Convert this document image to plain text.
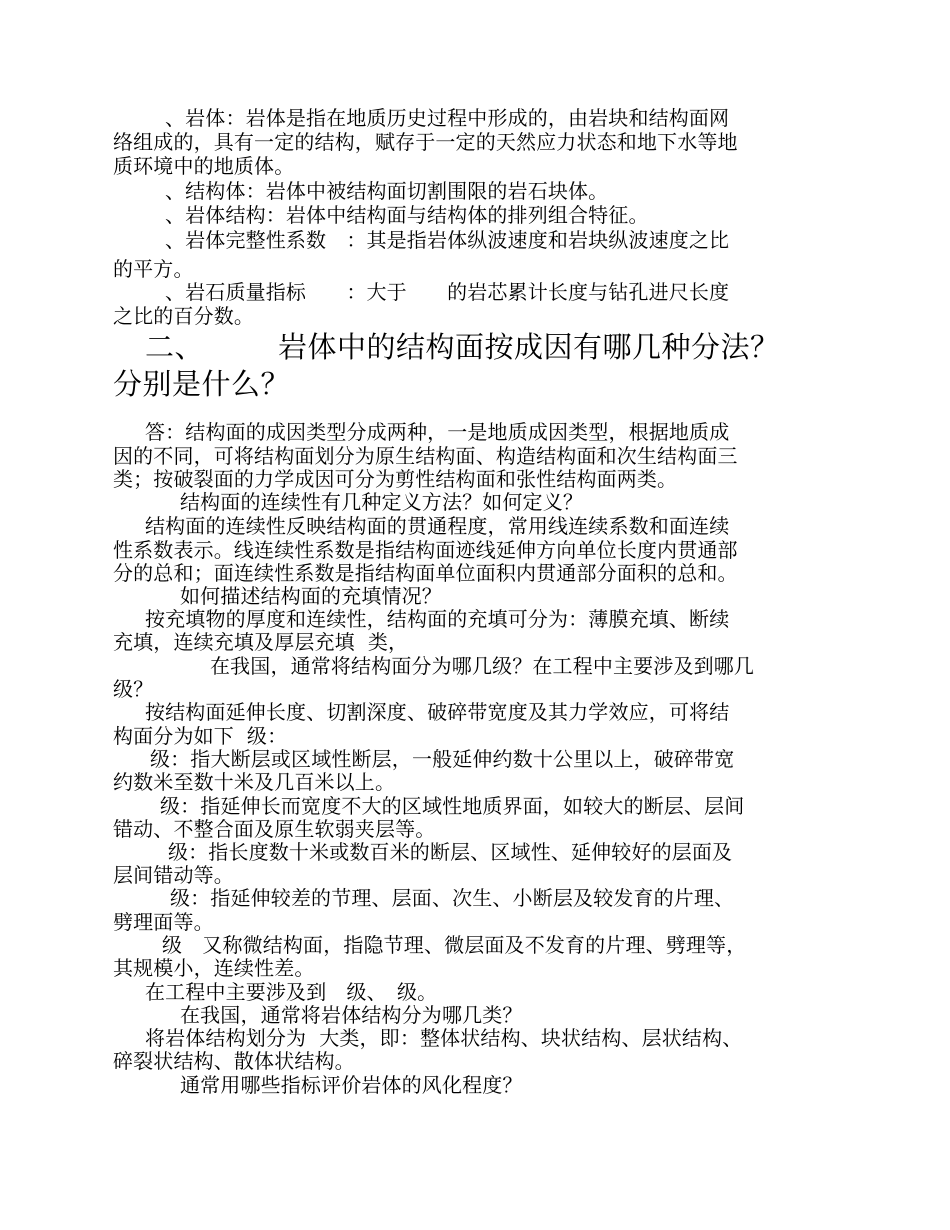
、岩体：岩体是指在地质历史过程中形成的，由岩块和结构面网
络组成的，具有一定的结构，赋存于一定的天然应力状态和地下水等地
质环境中的地质体。
、结构体：岩体中被结构面切割围限的岩石块体。
、岩体结构：岩体中结构面与结构体的排列组合特征。
、岩体完整性系数　：其是指岩体纵波速度和岩块纵波速度之比
的平方。
、岩石质量指标　　：大于　　的岩芯累计长度与钻孔进尺长度
之比的百分数。
二、　　　岩体中的结构面按成因有哪几种分法？
分别是什么？
答：结构面的成因类型分成两种，一是地质成因类型，根据地质成
因的不同，可将结构面划分为原生结构面、构造结构面和次生结构面三
类；按破裂面的力学成因可分为剪性结构面和张性结构面两类。
结构面的连续性有几种定义方法？如何定义？
结构面的连续性反映结构面的贯通程度，常用线连续系数和面连续
性系数表示。线连续性系数是指结构面迹线延伸方向单位长度内贯通部
分的总和；面连续性系数是指结构面单位面积内贯通部分面积的总和。
如何描述结构面的充填情况？
按充填物的厚度和连续性，结构面的充填可分为：薄膜充填、断续
充填，连续充填及厚层充填  类，
在我国，通常将结构面分为哪几级？在工程中主要涉及到哪几
级？
按结构面延伸长度、切割深度、破碎带宽度及其力学效应，可将结
构面分为如下  级：
级：指大断层或区域性断层，一般延伸约数十公里以上，破碎带宽
约数米至数十米及几百米以上。
级：指延伸长而宽度不大的区域性地质界面，如较大的断层、层间
错动、不整合面及原生软弱夹层等。
级：指长度数十米或数百米的断层、区域性、延伸较好的层面及
层间错动等。
级：指延伸较差的节理、层面、次生、小断层及较发育的片理、
劈理面等。
级　又称微结构面，指隐节理、微层面及不发育的片理、劈理等，
其规模小，连续性差。
在工程中主要涉及到　级、　级。
在我国，通常将岩体结构分为哪几类？
将岩体结构划分为  大类，即：整体状结构、块状结构、层状结构、
碎裂状结构、散体状结构。
通常用哪些指标评价岩体的风化程度？
